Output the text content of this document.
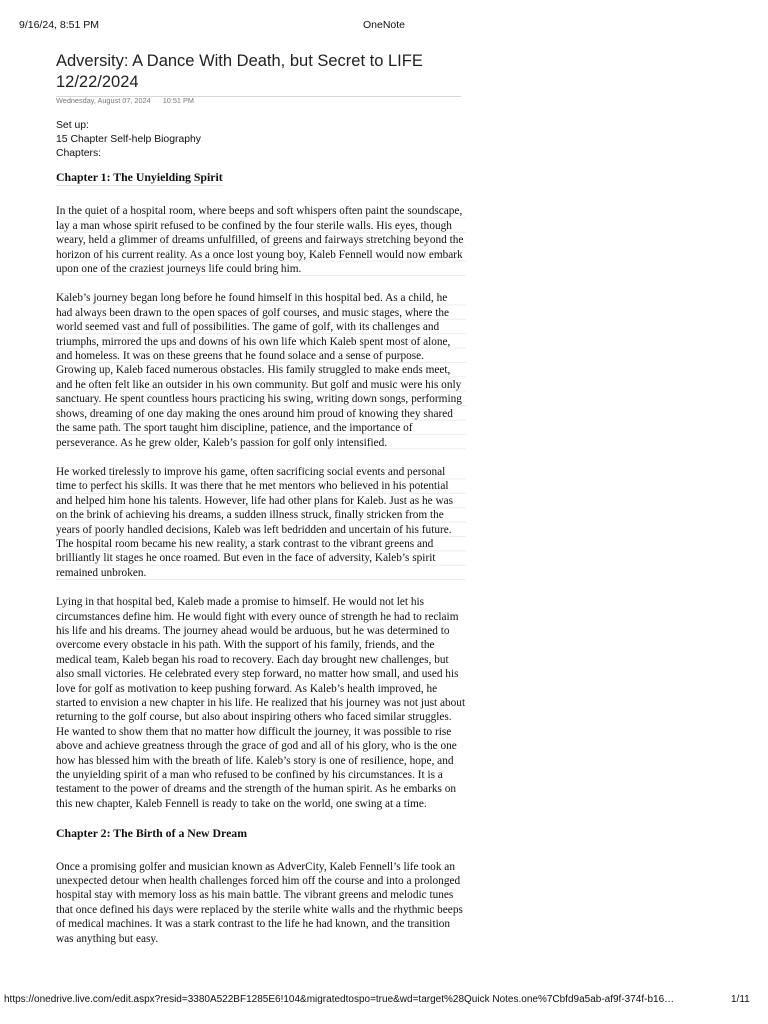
9/16/24, 8:51 PM	OneNote
Adversity: A Dance With Death, but Secret to LIFE
12/22/2024
Wednesday, August 07, 2024 10:51 PM
Set up:
15 Chapter Self-help Biography
Chapters:
Chapter 1: The Unyielding Spirit

In the quiet of a hospital room, where beeps and soft whispers often paint the soundscape, lay a man whose spirit refused to be confined by the four sterile walls. His eyes, though weary, held a glimmer of dreams unfulfilled, of greens and fairways stretching beyond the horizon of his current reality. As a once lost young boy, Kaleb Fennell would now embark upon one of the craziest journeys life could bring him.

Kaleb’s journey began long before he found himself in this hospital bed. As a child, he had always been drawn to the open spaces of golf courses, and music stages, where the world seemed vast and full of possibilities. The game of golf, with its challenges and triumphs, mirrored the ups and downs of his own life which Kaleb spent most of alone, and homeless. It was on these greens that he found solace and a sense of purpose. Growing up, Kaleb faced numerous obstacles. His family struggled to make ends meet, and he often felt like an outsider in his own community. But golf and music were his only sanctuary. He spent countless hours practicing his swing, writing down songs, performing shows, dreaming of one day making the ones around him proud of knowing they shared the same path. The sport taught him discipline, patience, and the importance of perseverance. As he grew older, Kaleb’s passion for golf only intensified.

He worked tirelessly to improve his game, often sacrificing social events and personal time to perfect his skills. It was there that he met mentors who believed in his potential and helped him hone his talents. However, life had other plans for Kaleb. Just as he was on the brink of achieving his dreams, a sudden illness struck, finally stricken from the years of poorly handled decisions, Kaleb was left bedridden and uncertain of his future. The hospital room became his new reality, a stark contrast to the vibrant greens and brilliantly lit stages he once roamed. But even in the face of adversity, Kaleb’s spirit remained unbroken.

Lying in that hospital bed, Kaleb made a promise to himself. He would not let his circumstances define him. He would fight with every ounce of strength he had to reclaim his life and his dreams. The journey ahead would be arduous, but he was determined to overcome every obstacle in his path. With the support of his family, friends, and the medical team, Kaleb began his road to recovery. Each day brought new challenges, but also small victories. He celebrated every step forward, no matter how small, and used his love for golf as motivation to keep pushing forward. As Kaleb’s health improved, he started to envision a new chapter in his life. He realized that his journey was not just about returning to the golf course, but also about inspiring others who faced similar struggles. He wanted to show them that no matter how difficult the journey, it was possible to rise above and achieve greatness through the grace of god and all of his glory, who is the one how has blessed him with the breath of life. Kaleb’s story is one of resilience, hope, and the unyielding spirit of a man who refused to be confined by his circumstances. It is a testament to the power of dreams and the strength of the human spirit. As he embarks on this new chapter, Kaleb Fennell is ready to take on the world, one swing at a time.

Chapter 2: The Birth of a New Dream

Once a promising golfer and musician known as AdverCity, Kaleb Fennell’s life took an unexpected detour when health challenges forced him off the course and into a prolonged hospital stay with memory loss as his main battle. The vibrant greens and melodic tunes that once defined his days were replaced by the sterile white walls and the rhythmic beeps of medical machines. It was a stark contrast to the life he had known, and the transition was anything but easy.

https://onedrive.live.com/edit.aspx?resid=3380A522BF1285E6!104&migratedtospo=true&wd=target%28Quick Notes.one%7Cbfd9a5ab-af9f-374f-b16…	1/11
